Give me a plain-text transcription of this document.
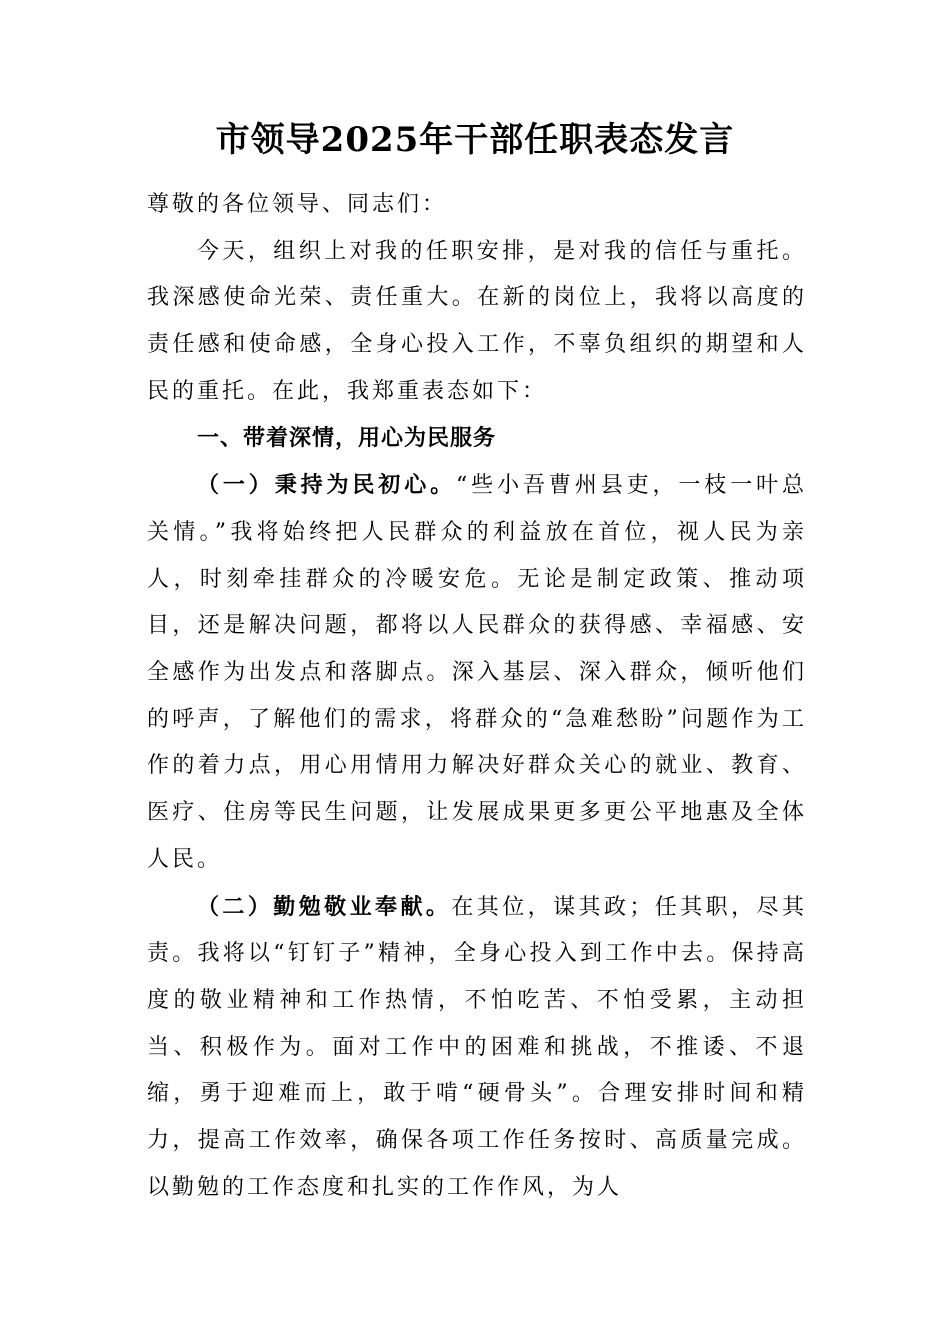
市领导2025年干部任职表态发言

尊敬的各位领导、同志们：

今天，组织上对我的任职安排，是对我的信任与重托。我深感使命光荣、责任重大。在新的岗位上，我将以高度的责任感和使命感，全身心投入工作，不辜负组织的期望和人民的重托。在此，我郑重表态如下：

一、带着深情，用心为民服务

（一）秉持为民初心。“些小吾曹州县吏，一枝一叶总关情。”我将始终把人民群众的利益放在首位，视人民为亲人，时刻牵挂群众的冷暖安危。无论是制定政策、推动项目，还是解决问题，都将以人民群众的获得感、幸福感、安全感作为出发点和落脚点。深入基层、深入群众，倾听他们的呼声，了解他们的需求，将群众的“急难愁盼”问题作为工作的着力点，用心用情用力解决好群众关心的就业、教育、医疗、住房等民生问题，让发展成果更多更公平地惠及全体人民。

（二）勤勉敬业奉献。在其位，谋其政；任其职，尽其责。我将以“钉钉子”精神，全身心投入到工作中去。保持高度的敬业精神和工作热情，不怕吃苦、不怕受累，主动担当、积极作为。面对工作中的困难和挑战，不推诿、不退缩，勇于迎难而上，敢于啃“硬骨头”。合理安排时间和精力，提高工作效率，确保各项工作任务按时、高质量完成。以勤勉的工作态度和扎实的工作作风，为人
